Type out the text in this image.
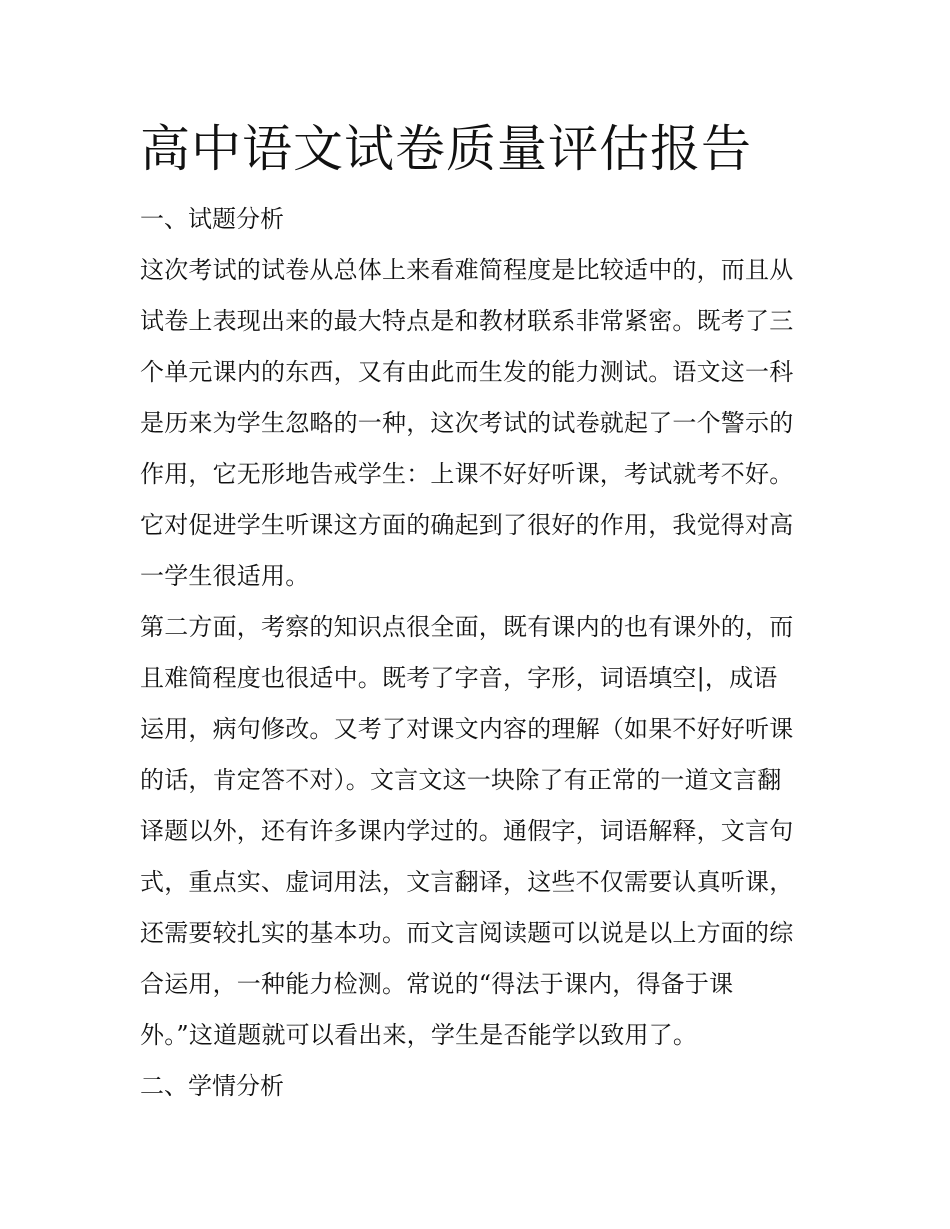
高中语文试卷质量评估报告

一、试题分析

这次考试的试卷从总体上来看难简程度是比较适中的，而且从

试卷上表现出来的最大特点是和教材联系非常紧密。既考了三

个单元课内的东西，又有由此而生发的能力测试。语文这一科

是历来为学生忽略的一种，这次考试的试卷就起了一个警示的

作用，它无形地告戒学生：上课不好好听课，考试就考不好。

它对促进学生听课这方面的确起到了很好的作用，我觉得对高

一学生很适用。

第二方面，考察的知识点很全面，既有课内的也有课外的，而

且难简程度也很适中。既考了字音，字形，词语填空|，成语

运用，病句修改。又考了对课文内容的理解（如果不好好听课

的话，肯定答不对）。文言文这一块除了有正常的一道文言翻

译题以外，还有许多课内学过的。通假字，词语解释，文言句

式，重点实、虚词用法，文言翻译，这些不仅需要认真听课，

还需要较扎实的基本功。而文言阅读题可以说是以上方面的综

合运用，一种能力检测。常说的“得法于课内，得备于课

外。”这道题就可以看出来，学生是否能学以致用了。

二、学情分析
